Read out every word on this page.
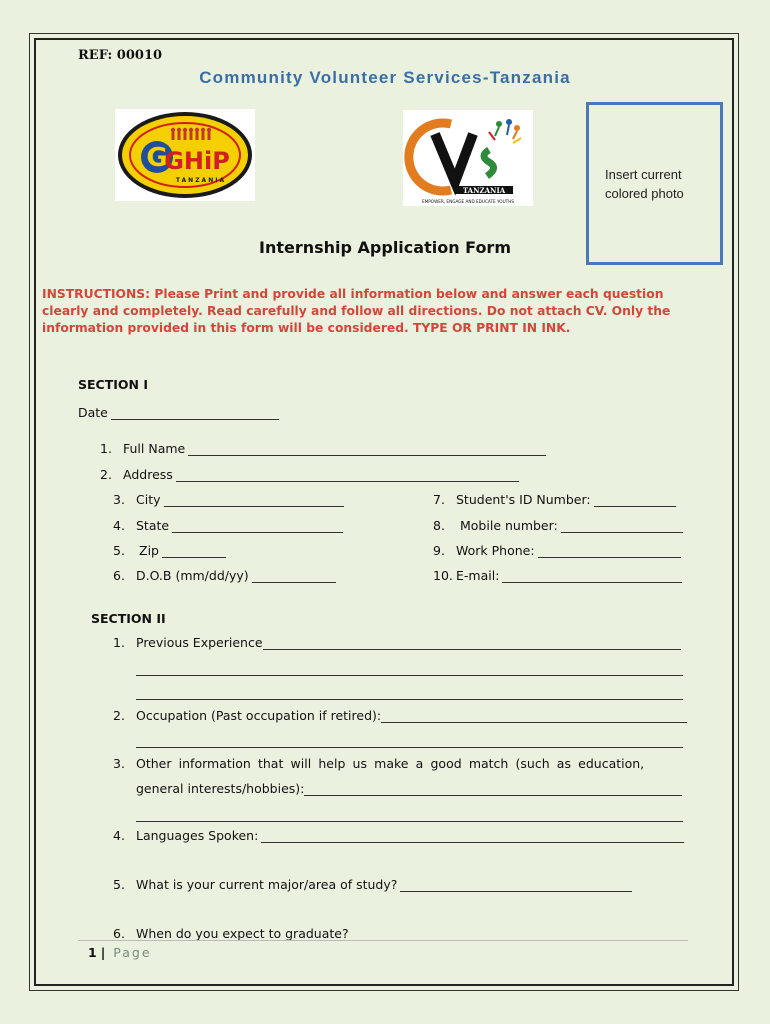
REF: 00010
Community Volunteer Services-Tanzania
G
GHiP
TANZANIA
TANZANIA
EMPOWER, ENGAGE AND EDUCATE YOUTHS
Insert current colored photo
Internship Application Form
INSTRUCTIONS: Please Print and provide all information below and answer each question clearly and completely. Read carefully and follow all directions. Do not attach CV. Only the information provided in this form will be considered. TYPE OR PRINT IN INK.
SECTION I
Date
1. Full Name
2. Address
3. City
4. State
5.	Zip
6. D.O.B (mm/dd/yy)
7. Student's ID Number:
8.	Mobile number:
9. Work Phone:
10. E-mail:
SECTION II
1. Previous Experience
2. Occupation (Past occupation if retired):
3. Other information that will help us make a good match (such as education,
general interests/hobbies):
4. Languages Spoken:
5. What is your current major/area of study?
6. When do you expect to graduate?
1 | Page
